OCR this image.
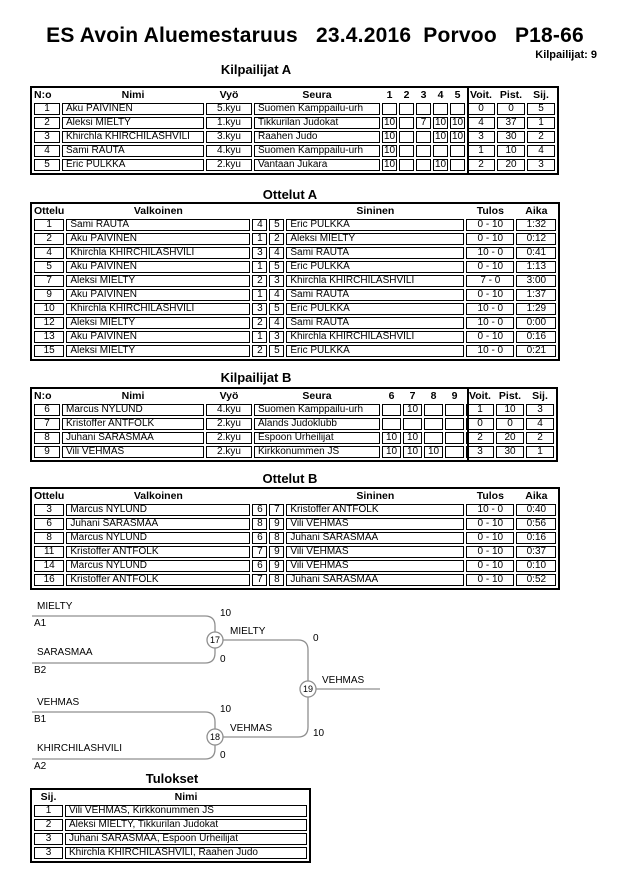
ES Avoin Aluemestaruus   23.4.2016  Porvoo   P18-66
Kilpailijat: 9
Kilpailijat A
N:o	Nimi	Vyö	Seura	1	2	3	4	5	Voit.	Pist.	Sij.
1	Aku PÄIVINEN	5.kyu	Suomen Kamppailu-urh						0	0	5
2	Aleksi MIELTY	1.kyu	Tikkurilan Judokat	10		7	10	10	4	37	1
3	Khirchla KHIRCHILASHVILI	3.kyu	Raahen Judo	10			10	10	3	30	2
4	Sami RAUTA	4.kyu	Suomen Kamppailu-urh	10					1	10	4
5	Eric PULKKA	2.kyu	Vantaan Jukara	10			10		2	20	3
Ottelut A
Ottelu	Valkoinen			Sininen	Tulos	Aika
1	Sami RAUTA	4	5	Eric PULKKA	0 - 10	1:32
2	Aku PÄIVINEN	1	2	Aleksi MIELTY	0 - 10	0:12
4	Khirchla KHIRCHILASHVILI	3	4	Sami RAUTA	10 - 0	0:41
5	Aku PÄIVINEN	1	5	Eric PULKKA	0 - 10	1:13
7	Aleksi MIELTY	2	3	Khirchla KHIRCHILASHVILI	7 - 0	3:00
9	Aku PÄIVINEN	1	4	Sami RAUTA	0 - 10	1:37
10	Khirchla KHIRCHILASHVILI	3	5	Eric PULKKA	10 - 0	1:29
12	Aleksi MIELTY	2	4	Sami RAUTA	10 - 0	0:00
13	Aku PÄIVINEN	1	3	Khirchla KHIRCHILASHVILI	0 - 10	0:16
15	Aleksi MIELTY	2	5	Eric PULKKA	10 - 0	0:21
Kilpailijat B
N:o	Nimi	Vyö	Seura	6	7	8	9	Voit.	Pist.	Sij.
6	Marcus NYLUND	4.kyu	Suomen Kamppailu-urh		10			1	10	3
7	Kristoffer ANTFOLK	2.kyu	Ålands Judoklubb					0	0	4
8	Juhani SARASMAA	2.kyu	Espoon Urheilijat	10	10			2	20	2
9	Vili VEHMAS	2.kyu	Kirkkonummen JS	10	10	10		3	30	1
Ottelut B
Ottelu	Valkoinen			Sininen	Tulos	Aika
3	Marcus NYLUND	6	7	Kristoffer ANTFOLK	10 - 0	0:40
6	Juhani SARASMAA	8	9	Vili VEHMAS	0 - 10	0:56
8	Marcus NYLUND	6	8	Juhani SARASMAA	0 - 10	0:16
11	Kristoffer ANTFOLK	7	9	Vili VEHMAS	0 - 10	0:37
14	Marcus NYLUND	6	9	Vili VEHMAS	0 - 10	0:10
16	Kristoffer ANTFOLK	7	8	Juhani SARASMAA	0 - 10	0:52
17
18
19
MIELTY
A1
10
SARASMAA
B2
0
MIELTY
0
VEHMAS
B1
10
KHIRCHILASHVILI
A2
0
VEHMAS	10
VEHMAS
Tulokset
Sij.	Nimi
1	Vili VEHMAS, Kirkkonummen JS
2	Aleksi MIELTY, Tikkurilan Judokat
3	Juhani SARASMAA, Espoon Urheilijat
3	Khirchla KHIRCHILASHVILI, Raahen Judo
